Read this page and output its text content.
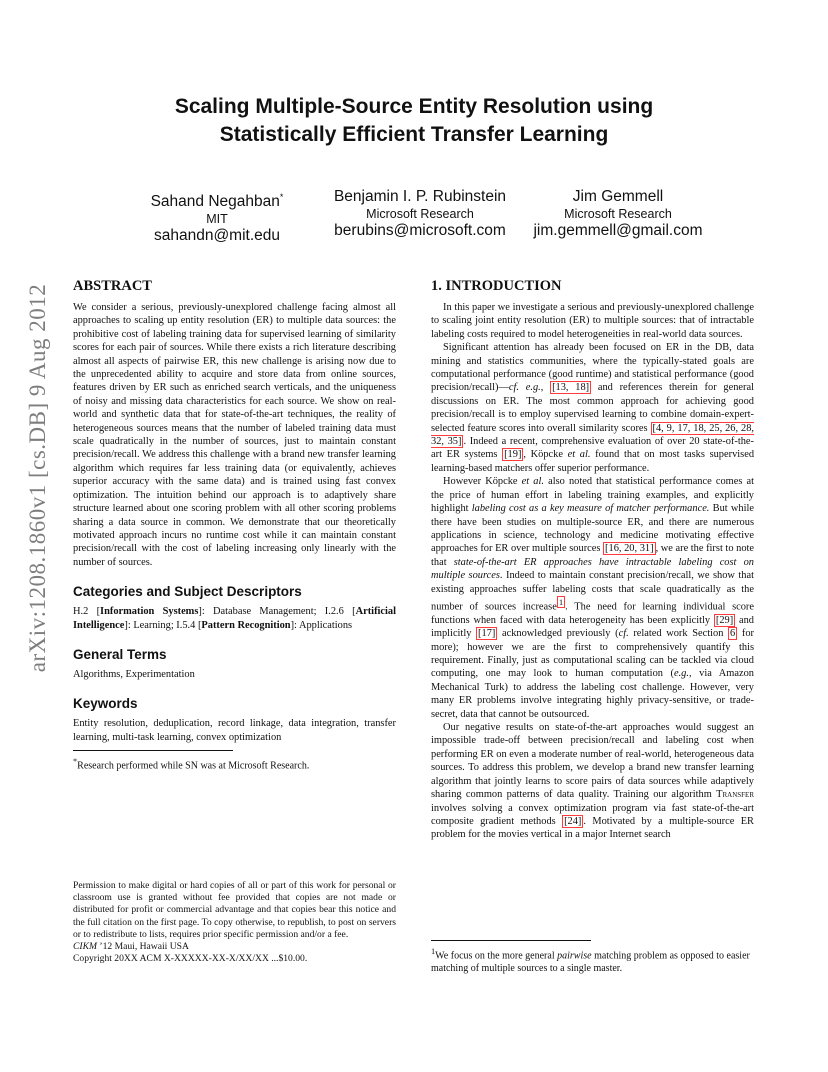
arXiv:1208.1860v1 [cs.DB] 9 Aug 2012
Scaling Multiple-Source Entity Resolution using
Statistically Efficient Transfer Learning
Sahand Negahban*
MIT
sahandn@mit.edu
Benjamin I. P. Rubinstein
Microsoft Research
berubins@microsoft.com
Jim Gemmell
Microsoft Research
jim.gemmell@gmail.com
ABSTRACT

We consider a serious, previously-unexplored challenge facing almost all approaches to scaling up entity resolution (ER) to multiple data sources: the prohibitive cost of labeling training data for supervised learning of similarity scores for each pair of sources. While there exists a rich literature describing almost all aspects of pairwise ER, this new challenge is arising now due to the unprecedented ability to acquire and store data from online sources, features driven by ER such as enriched search verticals, and the uniqueness of noisy and missing data characteristics for each source. We show on real-world and synthetic data that for state-of-the-art techniques, the reality of heterogeneous sources means that the number of labeled training data must scale quadratically in the number of sources, just to maintain constant precision/recall. We address this challenge with a brand new transfer learning algorithm which requires far less training data (or equivalently, achieves superior accuracy with the same data) and is trained using fast convex optimization. The intuition behind our approach is to adaptively share structure learned about one scoring problem with all other scoring problems sharing a data source in common. We demonstrate that our theoretically motivated approach incurs no runtime cost while it can maintain constant precision/recall with the cost of labeling increasing only linearly with the number of sources.

Categories and Subject Descriptors

H.2 [Information Systems]: Database Management; I.2.6 [Artificial Intelligence]: Learning; I.5.4 [Pattern Recognition]: Applications

General Terms

Algorithms, Experimentation

Keywords

Entity resolution, deduplication, record linkage, data integration, transfer learning, multi-task learning, convex optimization

*Research performed while SN was at Microsoft Research.
Permission to make digital or hard copies of all or part of this work for personal or classroom use is granted without fee provided that copies are not made or distributed for profit or commercial advantage and that copies bear this notice and the full citation on the first page. To copy otherwise, to republish, to post on servers or to redistribute to lists, requires prior specific permission and/or a fee.
CIKM ’12 Maui, Hawaii USA
Copyright 20XX ACM X-XXXXX-XX-X/XX/XX ...$10.00.
1. INTRODUCTION

In this paper we investigate a serious and previously-unexplored challenge to scaling joint entity resolution (ER) to multiple sources: that of intractable labeling costs required to model heterogeneities in real-world data sources.

Significant attention has already been focused on ER in the DB, data mining and statistics communities, where the typically-stated goals are computational performance (good runtime) and statistical performance (good precision/recall)—cf. e.g., [13, 18] and references therein for general discussions on ER. The most common approach for achieving good precision/recall is to employ supervised learning to combine domain-expert-selected feature scores into overall similarity scores [4, 9, 17, 18, 25, 26, 28, 32, 35] . Indeed a recent, comprehensive evaluation of over 20 state-of-the-art ER systems [19] , Köpcke et al. found that on most tasks supervised learning-based matchers offer superior performance.

However Köpcke et al. also noted that statistical performance comes at the price of human effort in labeling training examples, and explicitly highlight labeling cost as a key measure of matcher performance. But while there have been studies on multiple-source ER, and there are numerous applications in science, technology and medicine motivating effective approaches for ER over multiple sources [16, 20, 31] , we are the first to note that state-of-the-art ER approaches have intractable labeling cost on multiple sources. Indeed to maintain constant precision/recall, we show that existing approaches suffer labeling costs that scale quadratically as the number of sources increase $^1$ . The need for learning individual score functions when faced with data heterogeneity has been explicitly [29] and implicitly [17] acknowledged previously (cf. related work Section 6 for more); however we are the first to comprehensively quantify this requirement. Finally, just as computational scaling can be tackled via cloud computing, one may look to human computation (e.g., via Amazon Mechanical Turk) to address the labeling cost challenge. However, very many ER problems involve integrating highly privacy-sensitive, or trade-secret, data that cannot be outsourced.

Our negative results on state-of-the-art approaches would suggest an impossible trade-off between precision/recall and labeling cost when performing ER on even a moderate number of real-world, heterogeneous data sources. To address this problem, we develop a brand new transfer learning algorithm that jointly learns to score pairs of data sources while adaptively sharing common patterns of data quality. Training our algorithm Transfer involves solving a convex optimization program via fast state-of-the-art composite gradient methods [24] . Motivated by a multiple-source ER problem for the movies vertical in a major Internet search

$^1$We focus on the more general pairwise matching problem as opposed to easier matching of multiple sources to a single master.
